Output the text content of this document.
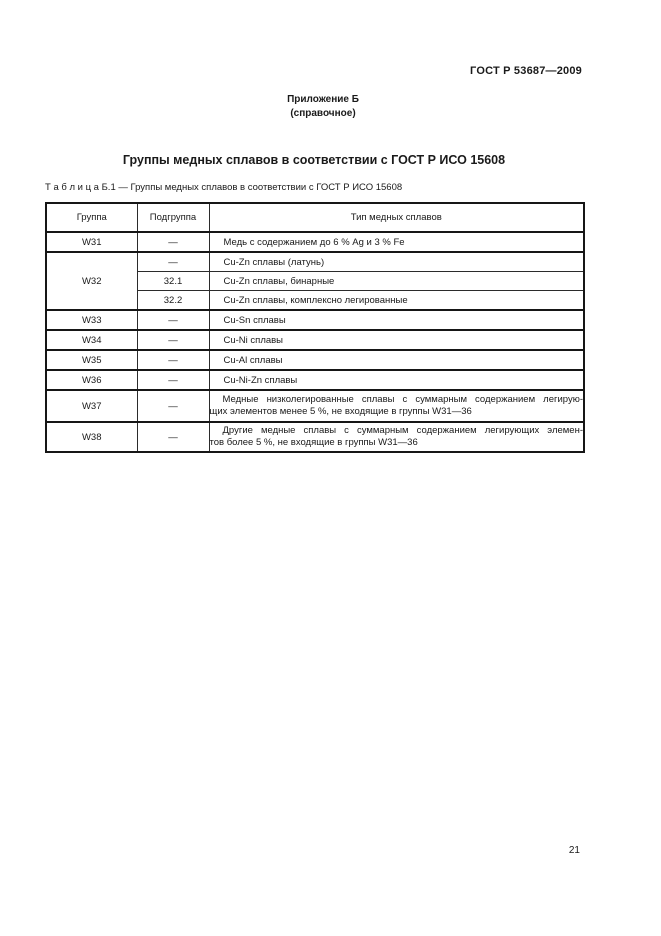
ГОСТ Р 53687—2009
Приложение Б
(справочное)
Группы медных сплавов в соответствии с ГОСТ Р ИСО 15608
Т а б л и ц а Б.1 — Группы медных сплавов в соответствии с ГОСТ Р ИСО 15608
Группа	Подгруппа	Тип медных сплавов
W31	—	Медь с содержанием до 6 % Ag и 3 % Fe

W32	—	Cu-Zn сплавы (латунь)

	32.1	Cu-Zn сплавы, бинарные

	32.2	Cu-Zn сплавы, комплексно легированные

W33	—	Cu-Sn сплавы

W34	—	Cu-Ni сплавы

W35	—	Cu-Al сплавы

W36	—	Cu-Ni-Zn сплавы

W37	—	Медные низколегированные сплавы с суммарным содержанием легирую-
щих элементов менее 5 %, не входящие в группы W31—36

W38	—	Другие медные сплавы с суммарным содержанием легирующих элемен-
тов более 5 %, не входящие в группы W31—36
21
